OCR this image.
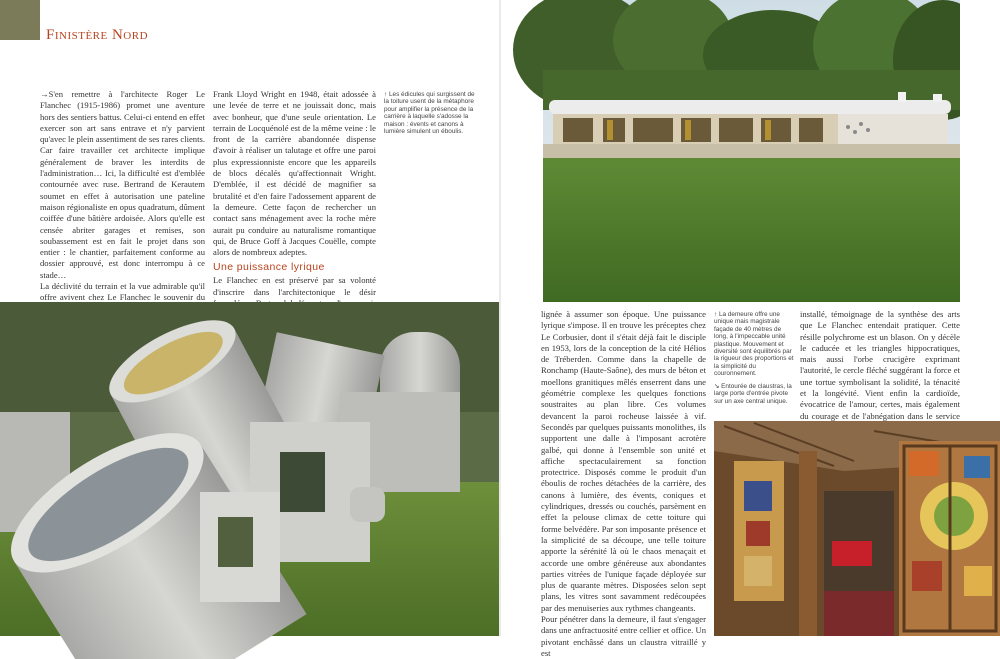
Finistère Nord

→S'en remettre à l'architecte Roger Le Flanchec (1915-1986) promet une aventure hors des sentiers battus. Celui-ci entend en effet exercer son art sans entrave et n'y parvient qu'avec le plein assentiment de ses rares clients. Car faire travailler cet architecte implique généralement de braver les interdits de l'administration… Ici, la difficulté est d'emblée contournée avec ruse. Bertrand de Kerautem soumet en effet à autorisation une pateline maison régionaliste en opus quadratum, dûment coiffée d'une bâtière ardoisée. Alors qu'elle est censée abriter garages et remises, son soubassement est en fait le projet dans son entier : le chantier, parfaitement conforme au dossier approuvé, est donc interrompu à ce stade…

La déclivité du terrain et la vue admirable qu'il offre avivent chez Le Flanchec le souvenir du

Frank Lloyd Wright en 1948, était adossée à une levée de terre et ne jouissait donc, mais avec bonheur, que d'une seule orientation. Le terrain de Locquénolé est de la même veine : le front de la carrière abandonnée dispense d'avoir à réaliser un talutage et offre une paroi plus expressionniste encore que les appareils de blocs décalés qu'affectionnait Wright. D'emblée, il est décidé de magnifier sa brutalité et d'en faire l'adossement apparent de la demeure. Cette façon de rechercher un contact sans ménagement avec la roche mère aurait pu conduire au naturalisme romantique qui, de Bruce Goff à Jacques Couëlle, compte alors de nombreux adeptes.

Une puissance lyrique

Le Flanchec en est préservé par sa volonté d'inscrire dans l'architectonique le désir

↑ Les édicules qui surgissent de la toiture usent de la métaphore pour amplifier la présence de la carrière à laquelle s'adosse la maison : évents et canons à lumière simulent un éboulis.

lignée à assumer son époque. Une puissance lyrique s'impose. Il en trouve les préceptes chez Le Corbusier, dont il s'était déjà fait le disciple en 1953, lors de la conception de la cité Hélios de Tréberden. Comme dans la chapelle de Ronchamp (Haute-Saône), des murs de béton et moellons granitiques mêlés enserrent dans une géométrie complexe les quelques fonctions soustraites au plan libre. Ces volumes devancent la paroi rocheuse laissée à vif. Secondés par quelques puissants monolithes, ils supportent une dalle à l'imposant acrotère galbé, qui donne à l'ensemble son unité et affiche spectaculairement sa fonction protectrice. Disposés comme le produit d'un éboulis de roches détachées de la carrière, des canons à lumière, des évents, coniques et cylindriques, dressés ou couchés, parsèment en effet la pelouse climax de cette toiture qui forme belvédère. Par son imposante présence et la simplicité de sa découpe, une telle toiture apporte la sérénité là où le chaos menaçait et accorde une ombre généreuse aux abondantes parties vitrées de l'unique façade déployée sur plus de quarante mètres. Disposées selon sept plans, les vitres sont savamment redécoupées par des menuiseries aux rythmes changeants.

Pour pénétrer dans la demeure, il faut s'engager dans une anfractuosité entre cellier et office. Un pivotant enchâssé dans un claustra vitraillé y est

↑ La demeure offre une unique mais magistrale façade de 40 mètres de long, à l'impeccable unité plastique. Mouvement et diversité sont équilibrés par la rigueur des proportions et la simplicité du couronnement.
↘ Entourée de claustras, la large porte d'entrée pivote sur un axe central unique.

installé, témoignage de la synthèse des arts que Le Flanchec entendait pratiquer. Cette résille polychrome est un blason. On y décèle le caducée et les triangles hippocratiques, mais aussi l'orbe crucigère exprimant l'autorité, le cercle fléché suggérant la force et une tortue symbolisant la solidité, la ténacité et la longévité. Vient enfin la cardioïde, évocatrice de l'amour, certes, mais également du courage et de l'abnégation dans le service
